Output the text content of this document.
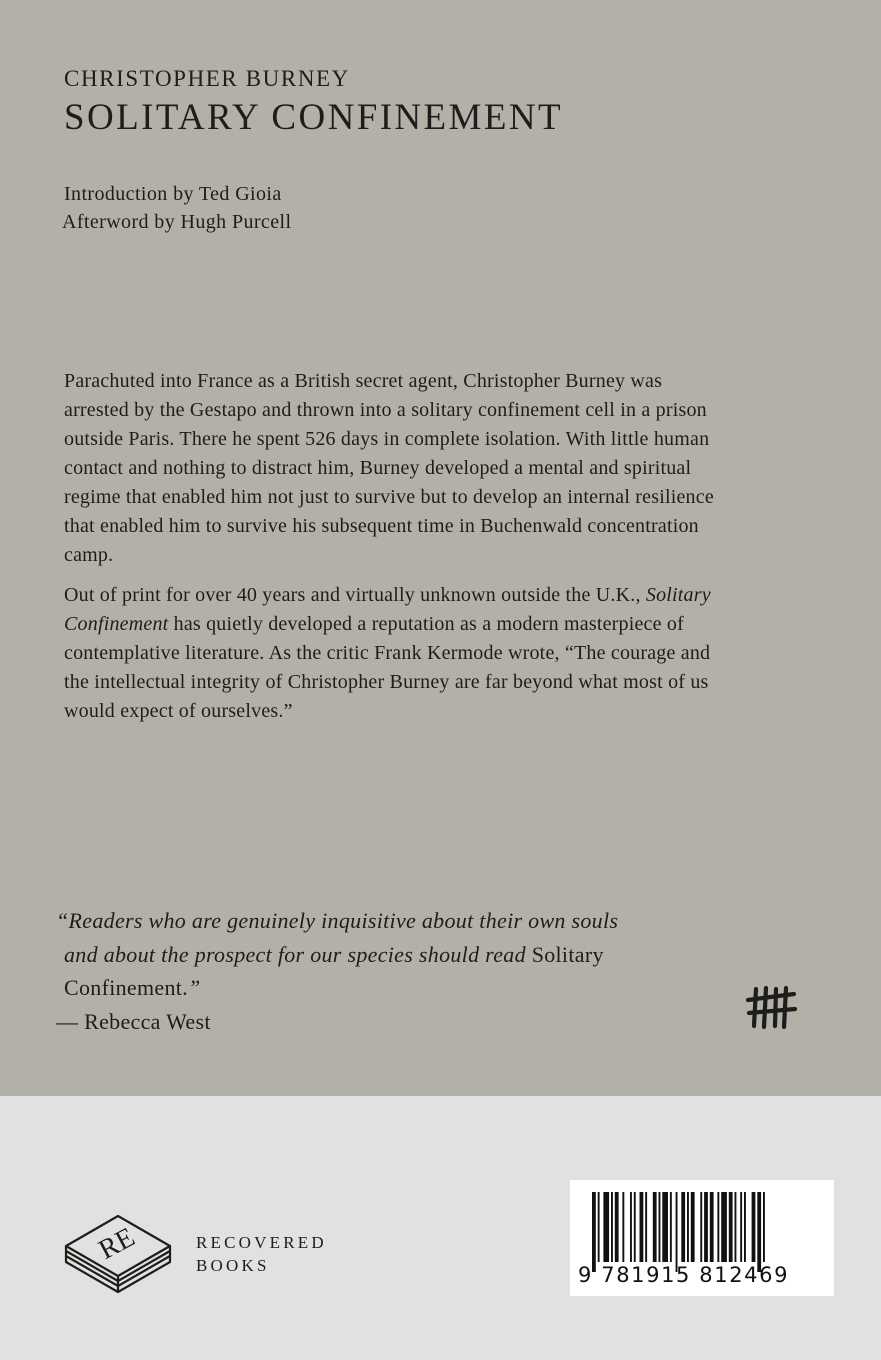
CHRISTOPHER BURNEY
SOLITARY CONFINEMENT
Introduction by Ted Gioia
Afterword by Hugh Purcell

Parachuted into France as a British secret agent, Christopher Burney was arrested by the Gestapo and thrown into a solitary confinement cell in a prison outside Paris. There he spent 526 days in complete isolation. With little human contact and nothing to distract him, Burney developed a mental and spiritual regime that enabled him not just to survive but to develop an internal resilience that enabled him to survive his subsequent time in Buchenwald concentration camp.

Out of print for over 40 years and virtually unknown outside the U.K., Solitary Confinement has quietly developed a reputation as a modern masterpiece of contemplative literature. As the critic Frank Kermode wrote, “The courage and the intellectual integrity of Christopher Burney are far beyond what most of us would expect of ourselves.”

“Readers who are genuinely inquisitive about their own souls
and about the prospect for our species should read Solitary
Confinement.”
— Rebecca West
RE	RECOVERED
BOOKS	9 781915 812469
